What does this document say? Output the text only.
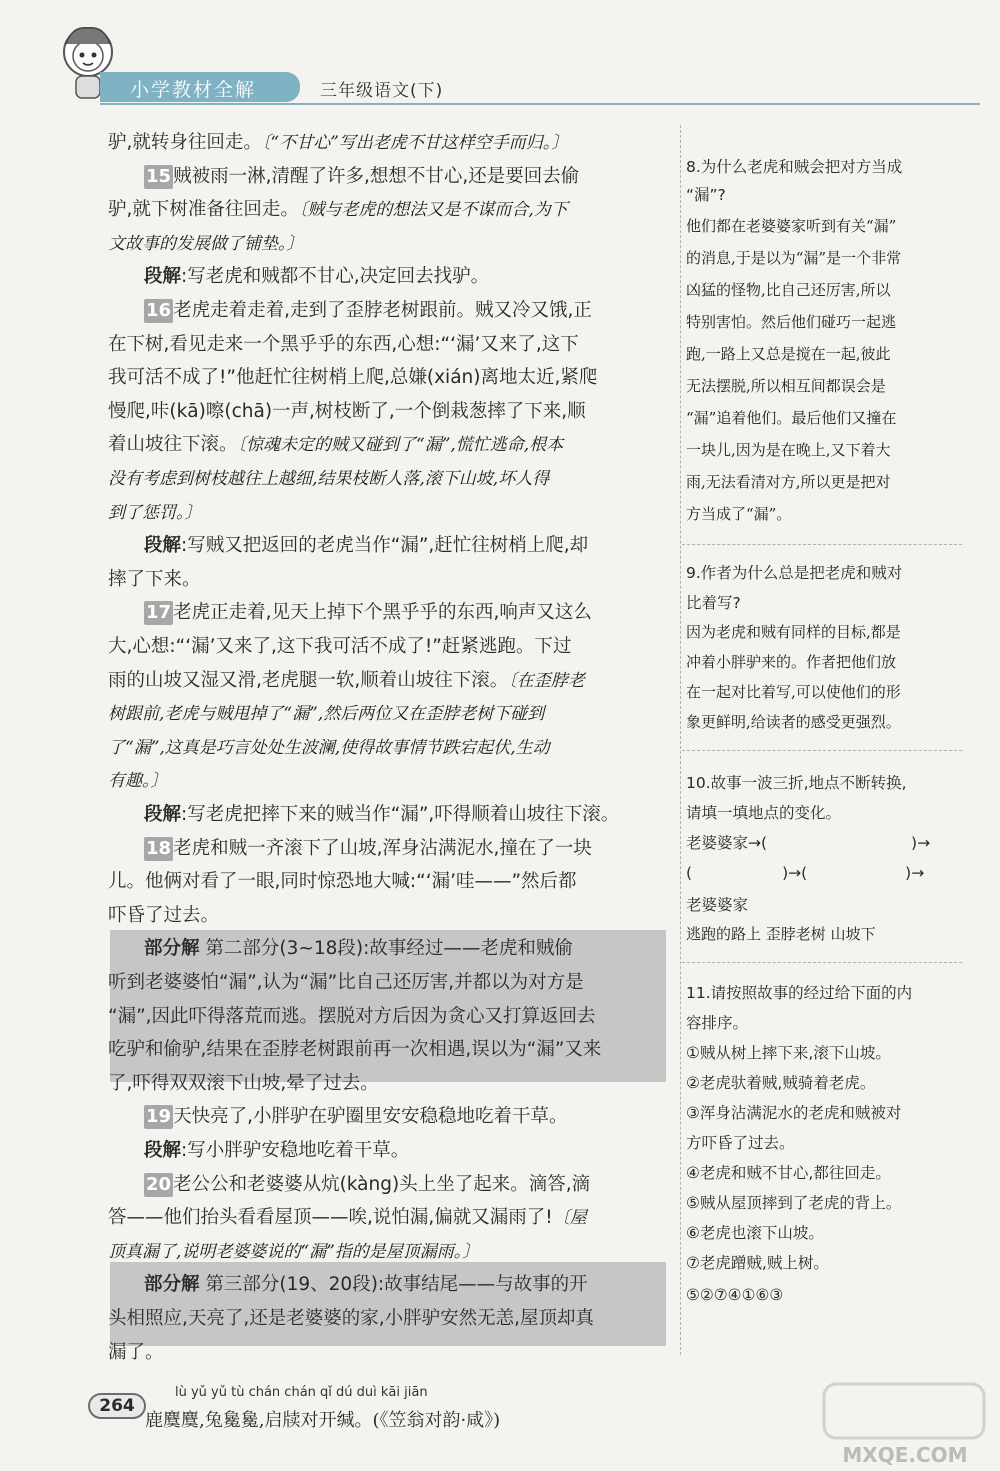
小学教材全解	三年级语文(下)
驴,就转身往回走。〔“不甘心”写出老虎不甘这样空手而归。〕
15 贼被雨一淋,清醒了许多,想想不甘心,还是要回去偷
驴,就下树准备往回走。〔贼与老虎的想法又是不谋而合,为下
文故事的发展做了铺垫。〕
段解:写老虎和贼都不甘心,决定回去找驴。
16 老虎走着走着,走到了歪脖老树跟前。贼又冷又饿,正
在下树,看见走来一个黑乎乎的东西,心想:“‘漏’又来了,这下
我可活不成了!”他赶忙往树梢上爬,总嫌(xián)离地太近,紧爬
慢爬,咔(kā)嚓(chā)一声,树枝断了,一个倒栽葱摔了下来,顺
着山坡往下滚。〔惊魂未定的贼又碰到了“漏”,慌忙逃命,根本
没有考虑到树枝越往上越细,结果枝断人落,滚下山坡,坏人得
到了惩罚。〕
段解:写贼又把返回的老虎当作“漏”,赶忙往树梢上爬,却
摔了下来。
17 老虎正走着,见天上掉下个黑乎乎的东西,响声又这么
大,心想:“‘漏’又来了,这下我可活不成了!”赶紧逃跑。下过
雨的山坡又湿又滑,老虎腿一软,顺着山坡往下滚。〔在歪脖老
树跟前,老虎与贼甩掉了“漏”,然后两位又在歪脖老树下碰到
了“漏”,这真是巧言处处生波澜,使得故事情节跌宕起伏,生动
有趣。〕
段解:写老虎把摔下来的贼当作“漏”,吓得顺着山坡往下滚。
18 老虎和贼一齐滚下了山坡,浑身沾满泥水,撞在了一块
儿。他俩对看了一眼,同时惊恐地大喊:“‘漏’哇——”然后都
吓昏了过去。
部分解 第二部分(3~18段):故事经过——老虎和贼偷
听到老婆婆怕“漏”,认为“漏”比自己还厉害,并都以为对方是
“漏”,因此吓得落荒而逃。摆脱对方后因为贪心又打算返回去
吃驴和偷驴,结果在歪脖老树跟前再一次相遇,误以为“漏”又来
了,吓得双双滚下山坡,晕了过去。
19 天快亮了,小胖驴在驴圈里安安稳稳地吃着干草。
段解:写小胖驴安稳地吃着干草。
20 老公公和老婆婆从炕(kàng)头上坐了起来。滴答,滴
答——他们抬头看看屋顶——唉,说怕漏,偏就又漏雨了!〔屋
顶真漏了,说明老婆婆说的“漏”指的是屋顶漏雨。〕
部分解 第三部分(19、20段):故事结尾——与故事的开
头相照应,天亮了,还是老婆婆的家,小胖驴安然无恙,屋顶却真
漏了。
8.为什么老虎和贼会把对方当成
“漏”?
他们都在老婆婆家听到有关“漏”
的消息,于是以为“漏”是一个非常
凶猛的怪物,比自己还厉害,所以
特别害怕。然后他们碰巧一起逃
跑,一路上又总是搅在一起,彼此
无法摆脱,所以相互间都误会是
“漏”追着他们。最后他们又撞在
一块儿,因为是在晚上,又下着大
雨,无法看清对方,所以更是把对
方当成了“漏”。
9.作者为什么总是把老虎和贼对
比着写?
因为老虎和贼有同样的目标,都是
冲着小胖驴来的。作者把他们放
在一起对比着写,可以使他们的形
象更鲜明,给读者的感受更强烈。
10.故事一波三折,地点不断转换,
请填一填地点的变化。
老婆婆家→(	)→
(	)→(	)→
老婆婆家
逃跑的路上 歪脖老树 山坡下
11.请按照故事的经过给下面的内
容排序。
①贼从树上摔下来,滚下山坡。
②老虎驮着贼,贼骑着老虎。
③浑身沾满泥水的老虎和贼被对
方吓昏了过去。
④老虎和贼不甘心,都往回走。
⑤贼从屋顶摔到了老虎的背上。
⑥老虎也滚下山坡。
⑦老虎蹭贼,贼上树。
⑤②⑦④①⑥③
264
lù yǔ yǔ tù chán chán qǐ dú duì kāi jiān
鹿麌麌,兔毚毚,启牍对开缄。(《笠翁对韵·咸》)
MXQE.COM
